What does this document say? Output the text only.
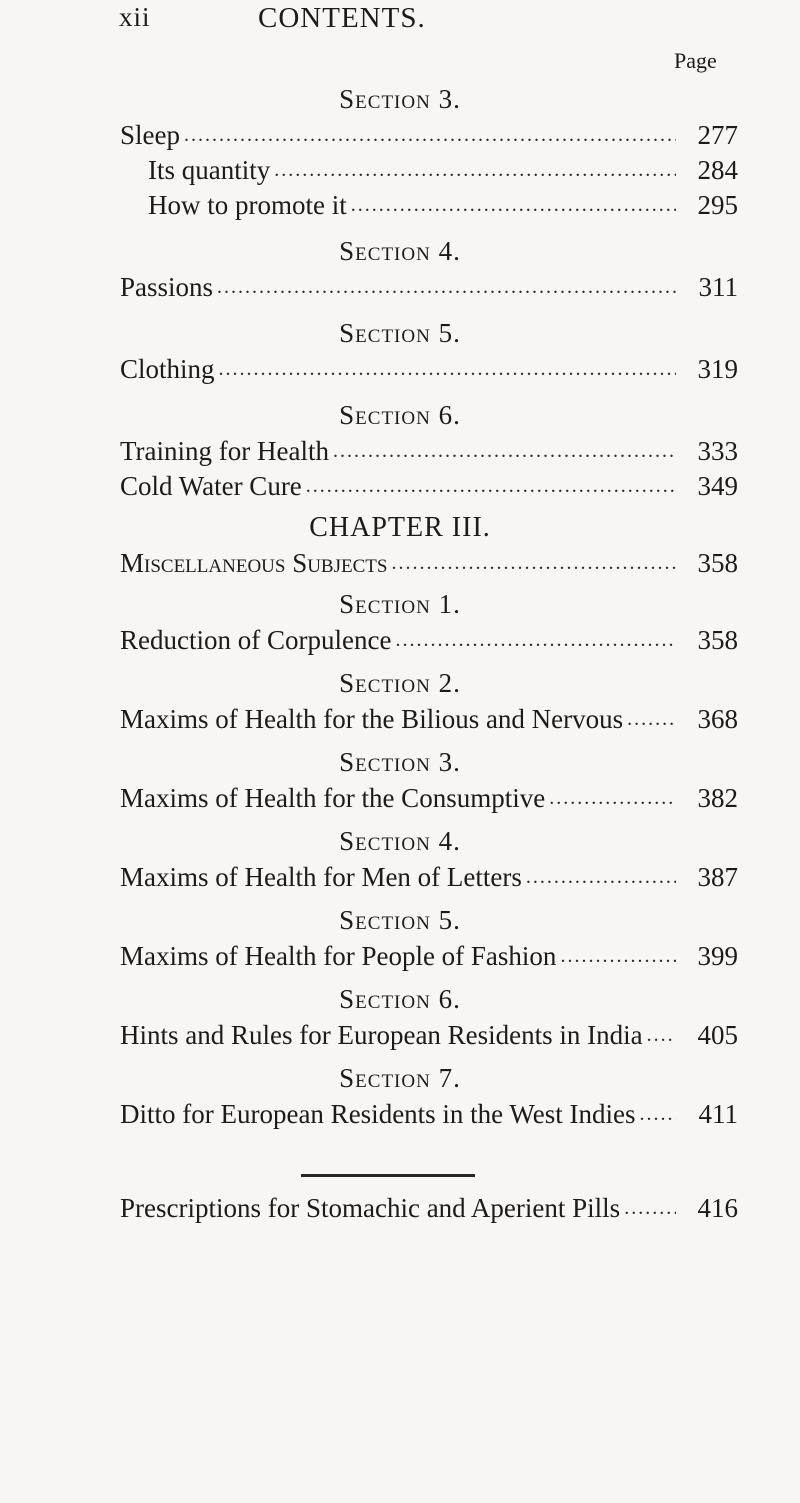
xii	CONTENTS.
Page
Section 3.
Sleep .....	277
Its quantity .....	284
How to promote it .....	295
Section 4.
Passions .....	311
Section 5.
Clothing .....	319
Section 6.
Training for Health .....	333
Cold Water Cure .....	349
CHAPTER III.
Miscellaneous Subjects .....	358
Section 1.
Reduction of Corpulence .....	358
Section 2.
Maxims of Health for the Bilious and Nervous .....	368
Section 3.
Maxims of Health for the Consumptive .....	382
Section 4.
Maxims of Health for Men of Letters .....	387
Section 5.
Maxims of Health for People of Fashion .....	399
Section 6.
Hints and Rules for European Residents in India .....	405
Section 7.
Ditto for European Residents in the West Indies .....	411
Prescriptions for Stomachic and Aperient Pills .....	416
